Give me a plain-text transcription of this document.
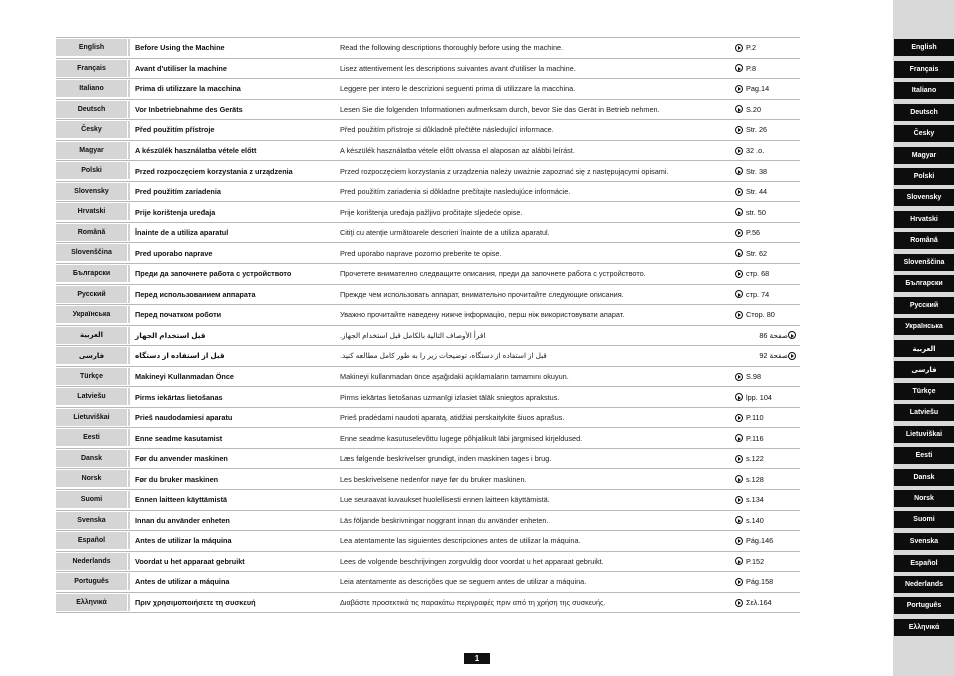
English
Français
Italiano
Deutsch
Česky
Magyar
Polski
Slovensky
Hrvatski
Română
Slovenščina
Български
Русский
Українська
العربية
فارسی
Türkçe
Latviešu
Lietuviškai
Eesti
Dansk
Norsk
Suomi
Svenska
Español
Nederlands
Português
Ελληνικά
English	Before Using the Machine	Read the following descriptions thoroughly before using the machine.	P.2
Français	Avant d'utiliser la machine	Lisez attentivement les descriptions suivantes avant d'utiliser la machine.	P.8
Italiano	Prima di utilizzare la macchina	Leggere per intero le descrizioni seguenti prima di utilizzare la macchina.	Pag.14
Deutsch	Vor Inbetriebnahme des Geräts	Lesen Sie die folgenden Informationen aufmerksam durch, bevor Sie das Gerät in Betrieb nehmen.	S.20
Česky	Před použitím přístroje	Před použitím přístroje si důkladně přečtěte následující informace.	Str. 26
Magyar	A készülék használatba vétele előtt	A készülék használatba vétele előtt olvassa el alaposan az alábbi leírást.	32 .o.
Polski	Przed rozpoczęciem korzystania z urządzenia	Przed rozpoczęciem korzystania z urządzenia należy uważnie zapoznać się z następującymi opisami.	Str. 38
Slovensky	Pred použitím zariadenia	Pred použitím zariadenia si dôkladne prečítajte nasledujúce informácie.	Str. 44
Hrvatski	Prije korištenja uređaja	Prije korištenja uređaja pažljivo pročitajte sljedeće opise.	str. 50
Română	Înainte de a utiliza aparatul	Citiţi cu atenţie următoarele descrieri înainte de a utiliza aparatul.	P.56
Slovenščina	Pred uporabo naprave	Pred uporabo naprave pozorno preberite te opise.	Str. 62
Български	Преди да започнете работа с устройството	Прочетете внимателно следващите описания, преди да започнете работа с устройството.	стр. 68
Русский	Перед использованием аппарата	Прежде чем использовать аппарат, внимательно прочитайте следующие описания.	стр. 74
Українська	Перед початком роботи	Уважно прочитайте наведену нижче інформацію, перш ніж використовувати апарат.	Стор. 80
العربية	قبل استخدام الجهاز	اقرأ الأوصاف التالية بالكامل قبل استخدام الجهاز.	صفحة 86
فارسی	قبل از استفاده از دستگاه	قبل از استفاده از دستگاه، توضیحات زیر را به طور کامل مطالعه کنید.	صفحة 92
Türkçe	Makineyi Kullanmadan Önce	Makineyi kullanmadan önce aşağıdaki açıklamaların tamamını okuyun.	S.98
Latviešu	Pirms iekārtas lietošanas	Pirms iekārtas lietošanas uzmanīgi izlasiet tālāk sniegtos aprakstus.	lpp. 104
Lietuviškai	Prieš naudodamiesi aparatu	Prieš pradėdami naudoti aparatą, atidžiai perskaitykite šiuos aprašus.	P.110
Eesti	Enne seadme kasutamist	Enne seadme kasutuselevõttu lugege põhjalikult läbi järgmised kirjeldused.	P.116
Dansk	Før du anvender maskinen	Læs følgende beskrivelser grundigt, inden maskinen tages i brug.	s.122
Norsk	Før du bruker maskinen	Les beskrivelsene nedenfor nøye før du bruker maskinen.	s.128
Suomi	Ennen laitteen käyttämistä	Lue seuraavat kuvaukset huolellisesti ennen laitteen käyttämistä.	s.134
Svenska	Innan du använder enheten	Läs följande beskrivningar noggrant innan du använder enheten.	s.140
Español	Antes de utilizar la máquina	Lea atentamente las siguientes descripciones antes de utilizar la máquina.	Pág.146
Nederlands	Voordat u het apparaat gebruikt	Lees de volgende beschrijvingen zorgvuldig door voordat u het apparaat gebruikt.	P.152
Português	Antes de utilizar a máquina	Leia atentamente as descrições que se seguem antes de utilizar a máquina.	Pág.158
Ελληνικά	Πριν χρησιμοποιήσετε τη συσκευή	Διαβάστε προσεκτικά τις παρακάτω περιγραφές πριν από τη χρήση της συσκευής.	Σελ.164
1
